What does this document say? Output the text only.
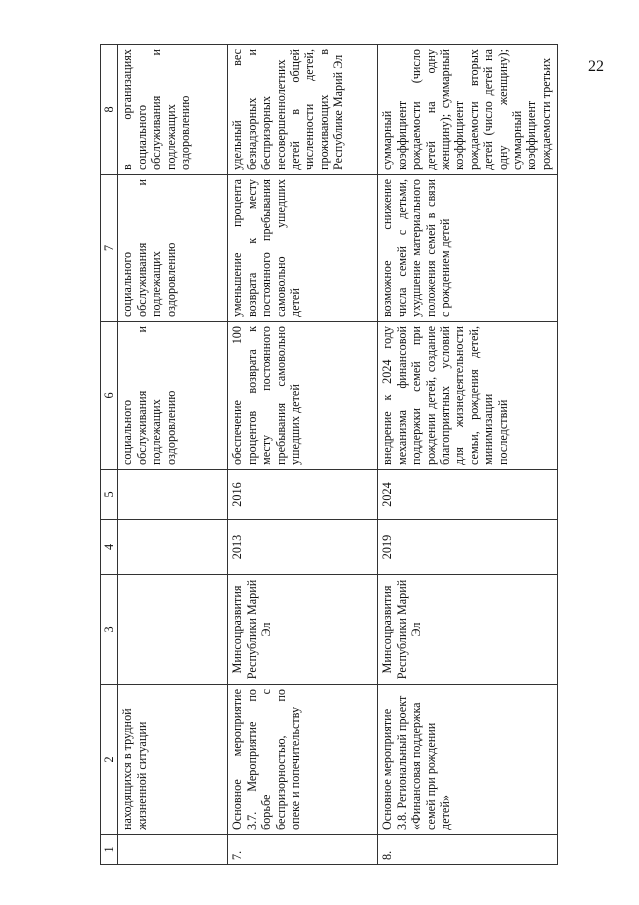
22
1	2	3	4	5	6	7	8
	находящихся в трудной жизненной ситуации				социального обслуживания и подлежащих оздоровлению	социального обслуживания и подлежащих оздоровлению	в организациях социального обслуживания и подлежащих оздоровлению
7.	Основное мероприятие 3.7. Мероприятие по борьбе с беспризорностью, по опеке и попечительству	Минсоцразвития Республики Марий Эл	2013	2016	обеспечение 100 процентов возврата к месту постоянного пребывания самовольно ушедших детей	уменьшение процента возврата к месту постоянного пребывания самовольно ушедших детей	удельный вес безнадзорных и беспризорных несовершеннолетних детей в общей численности детей, проживающих в Республике Марий Эл
8.	Основное мероприятие 3.8. Региональный проект «Финансовая поддержка семей при рождении детей»	Минсоцразвития Республики Марий Эл	2019	2024	внедрение к 2024 году механизма финансовой поддержки семей при рождении детей, создание благоприятных условий для жизнедеятельности семьи, рождения детей, минимизации последствий	возможное снижение числа семей с детьми, ухудшение материального положения семей в связи с рождением детей	суммарный коэффициент рождаемости (число детей на одну женщину); суммарный коэффициент рождаемости вторых детей (число детей на одну женщину); суммарный коэффициент рождаемости третьих
